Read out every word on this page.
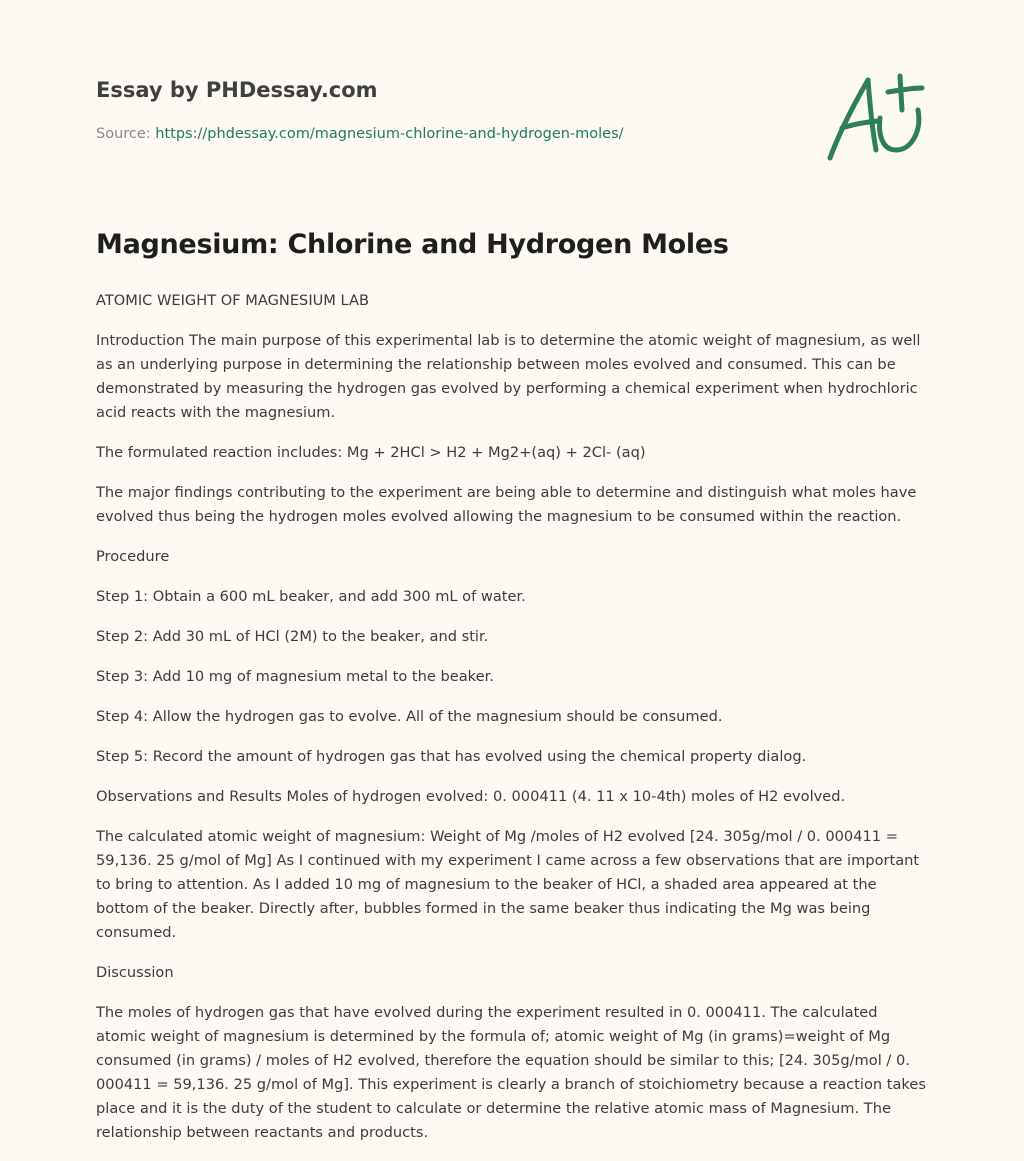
Essay by PHDessay.com
Source: https://phdessay.com/magnesium-chlorine-and-hydrogen-moles/
Magnesium: Chlorine and Hydrogen Moles

ATOMIC WEIGHT OF MAGNESIUM LAB

Introduction The main purpose of this experimental lab is to determine the atomic weight of magnesium, as well as an underlying purpose in determining the relationship between moles evolved and consumed. This can be demonstrated by measuring the hydrogen gas evolved by performing a chemical experiment when hydrochloric acid reacts with the magnesium.

The formulated reaction includes: Mg + 2HCl > H2 + Mg2+(aq) + 2Cl- (aq)

The major findings contributing to the experiment are being able to determine and distinguish what moles have evolved thus being the hydrogen moles evolved allowing the magnesium to be consumed within the reaction.

Procedure

Step 1: Obtain a 600 mL beaker, and add 300 mL of water.

Step 2: Add 30 mL of HCl (2M) to the beaker, and stir.

Step 3: Add 10 mg of magnesium metal to the beaker.

Step 4: Allow the hydrogen gas to evolve. All of the magnesium should be consumed.

Step 5: Record the amount of hydrogen gas that has evolved using the chemical property dialog.

Observations and Results Moles of hydrogen evolved: 0. 000411 (4. 11 x 10-4th) moles of H2 evolved.

The calculated atomic weight of magnesium: Weight of Mg /moles of H2 evolved [24. 305g/mol / 0. 000411 = 59,136. 25 g/mol of Mg] As I continued with my experiment I came across a few observations that are important to bring to attention. As I added 10 mg of magnesium to the beaker of HCl, a shaded area appeared at the bottom of the beaker. Directly after, bubbles formed in the same beaker thus indicating the Mg was being consumed.

Discussion

The moles of hydrogen gas that have evolved during the experiment resulted in 0. 000411. The calculated atomic weight of magnesium is determined by the formula of; atomic weight of Mg (in grams)=weight of Mg consumed (in grams) / moles of H2 evolved, therefore the equation should be similar to this; [24. 305g/mol / 0. 000411 = 59,136. 25 g/mol of Mg]. This experiment is clearly a branch of stoichiometry because a reaction takes place and it is the duty of the student to calculate or determine the relative atomic mass of Magnesium. The relationship between reactants and products.
